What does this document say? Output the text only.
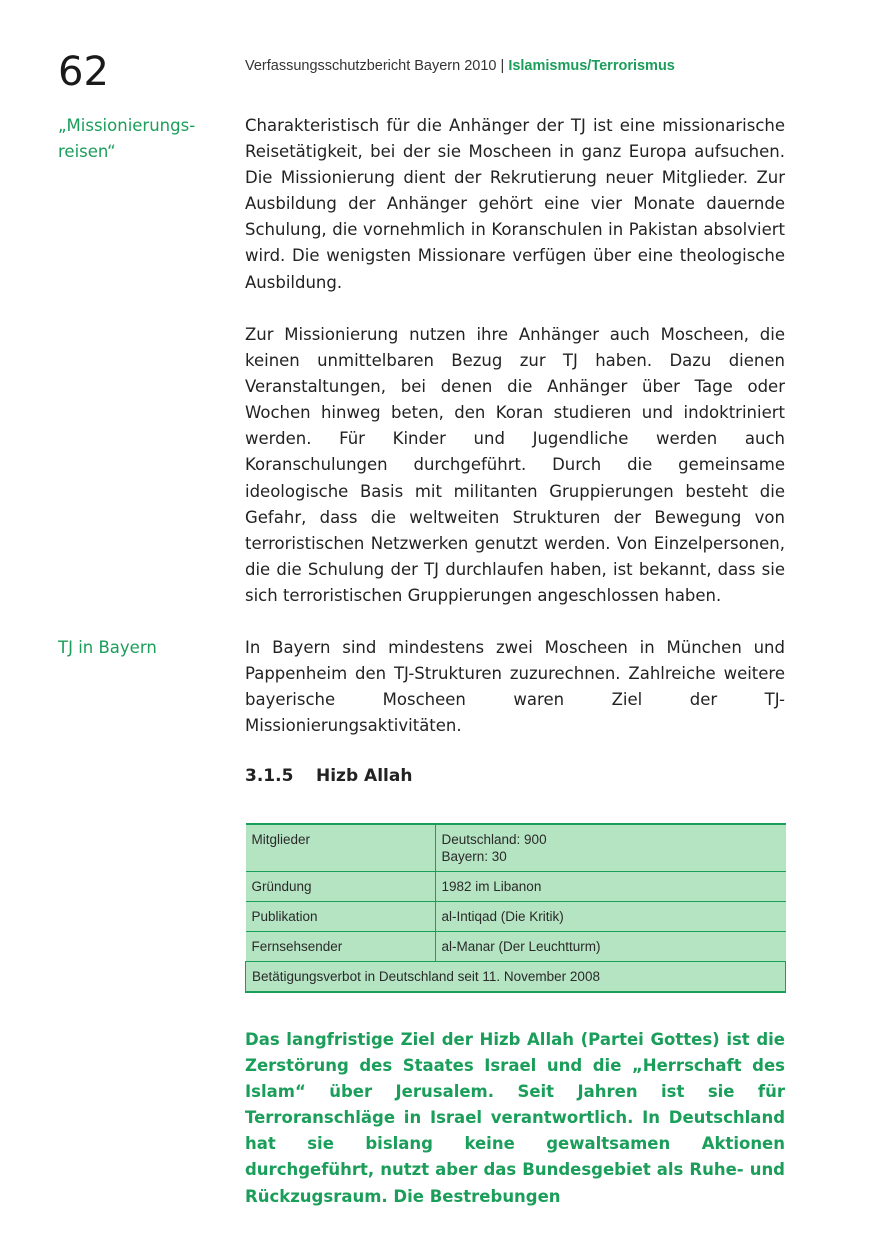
62	Verfassungsschutzbericht Bayern 2010 | Islamismus/Terrorismus
„Missionierungs-reisen“
Charakteristisch für die Anhänger der TJ ist eine missionarische Reisetätigkeit, bei der sie Moscheen in ganz Europa aufsuchen. Die Missionierung dient der Rekrutierung neuer Mitglieder. Zur Ausbildung der Anhänger gehört eine vier Monate dauernde Schulung, die vornehmlich in Koranschulen in Pakistan absolviert wird. Die wenigsten Missionare verfügen über eine theologische Ausbildung.
Zur Missionierung nutzen ihre Anhänger auch Moscheen, die keinen unmittelbaren Bezug zur TJ haben. Dazu dienen Veranstaltungen, bei denen die Anhänger über Tage oder Wochen hinweg beten, den Koran studieren und indoktriniert werden. Für Kinder und Jugendliche werden auch Koranschulungen durchgeführt. Durch die gemeinsame ideologische Basis mit militanten Gruppierungen besteht die Gefahr, dass die weltweiten Strukturen der Bewegung von terroristischen Netzwerken genutzt werden. Von Einzelpersonen, die die Schulung der TJ durchlaufen haben, ist bekannt, dass sie sich terroristischen Gruppierungen angeschlossen haben.
TJ in Bayern	In Bayern sind mindestens zwei Moscheen in München und Pappenheim den TJ-Strukturen zuzurechnen. Zahlreiche weitere bayerische Moscheen waren Ziel der TJ-Missionierungsaktivitäten.
3.1.5 Hizb Allah
Mitglieder	Deutschland: 900
Bayern: 30

Gründung	1982 im Libanon
Publikation	al-Intiqad (Die Kritik)
Fernsehsender	al-Manar (Der Leuchtturm)
Betätigungsverbot in Deutschland seit 11. November 2008	
Das langfristige Ziel der Hizb Allah (Partei Gottes) ist die Zerstörung des Staates Israel und die „Herrschaft des Islam“ über Jerusalem. Seit Jahren ist sie für Terroranschläge in Israel verantwortlich. In Deutschland hat sie bislang keine gewaltsamen Aktionen durchgeführt, nutzt aber das Bundesgebiet als Ruhe- und Rückzugsraum. Die Bestrebungen
